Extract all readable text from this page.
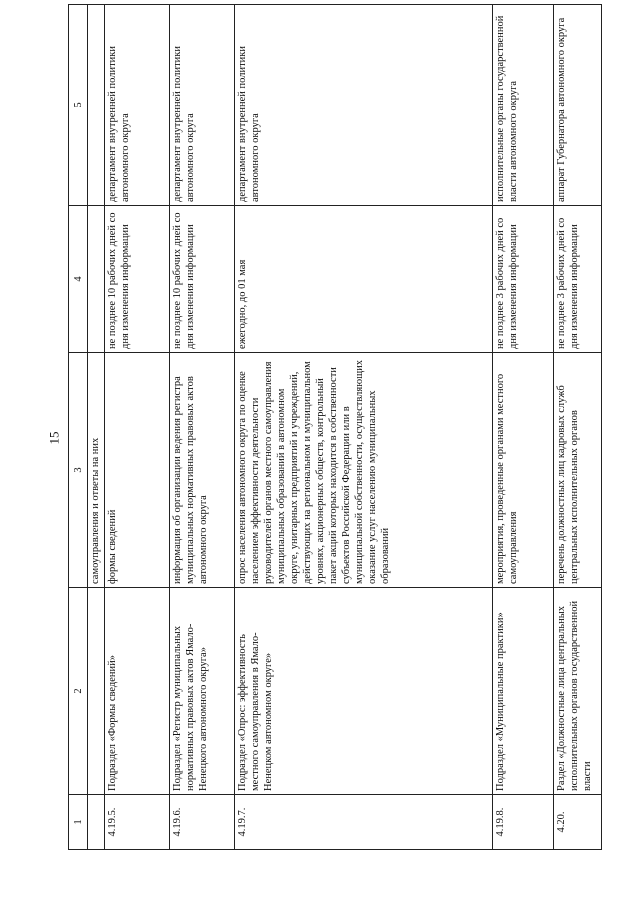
15
1	2	3	4	5
		самоуправления и ответы на них		
4.19.5.	Подраздел «Формы сведений»	формы сведений	не позднее 10 рабочих дней со дня изменения информации	департамент внутренней политики автономного округа
4.19.6.	Подраздел «Регистр муниципальных нормативных правовых актов Ямало-Ненецкого автономного округа»	информация об организации ведения регистра муниципальных нормативных правовых актов автономного округа	не позднее 10 рабочих дней со дня изменения информации	департамент внутренней политики автономного округа
4.19.7.	Подраздел «Опрос: эффективность местного самоуправления в Ямало-Ненецком автономном округе»	опрос населения автономного округа по оценке населением эффективности деятельности руководителей органов местного самоуправления муниципальных образований в автономном округе, унитарных предприятий и учреждений, действующих на региональном и муниципальном уровнях, акционерных обществ, контрольный пакет акций которых находится в собственности субъектов Российской Федерации или в муниципальной собственности, осуществляющих оказание услуг населению муниципальных образований	ежегодно, до 01 мая	департамент внутренней политики автономного округа
4.19.8.	Подраздел «Муниципальные практики»	мероприятия, проведенные органами местного самоуправления	не позднее 3 рабочих дней со дня изменения информации	исполнительные органы государственной власти автономного округа
4.20.	Раздел «Должностные лица центральных исполнительных органов государственной власти	перечень должностных лиц кадровых служб центральных исполнительных органов	не позднее 3 рабочих дней со дня изменения информации	аппарат Губернатора автономного округа
